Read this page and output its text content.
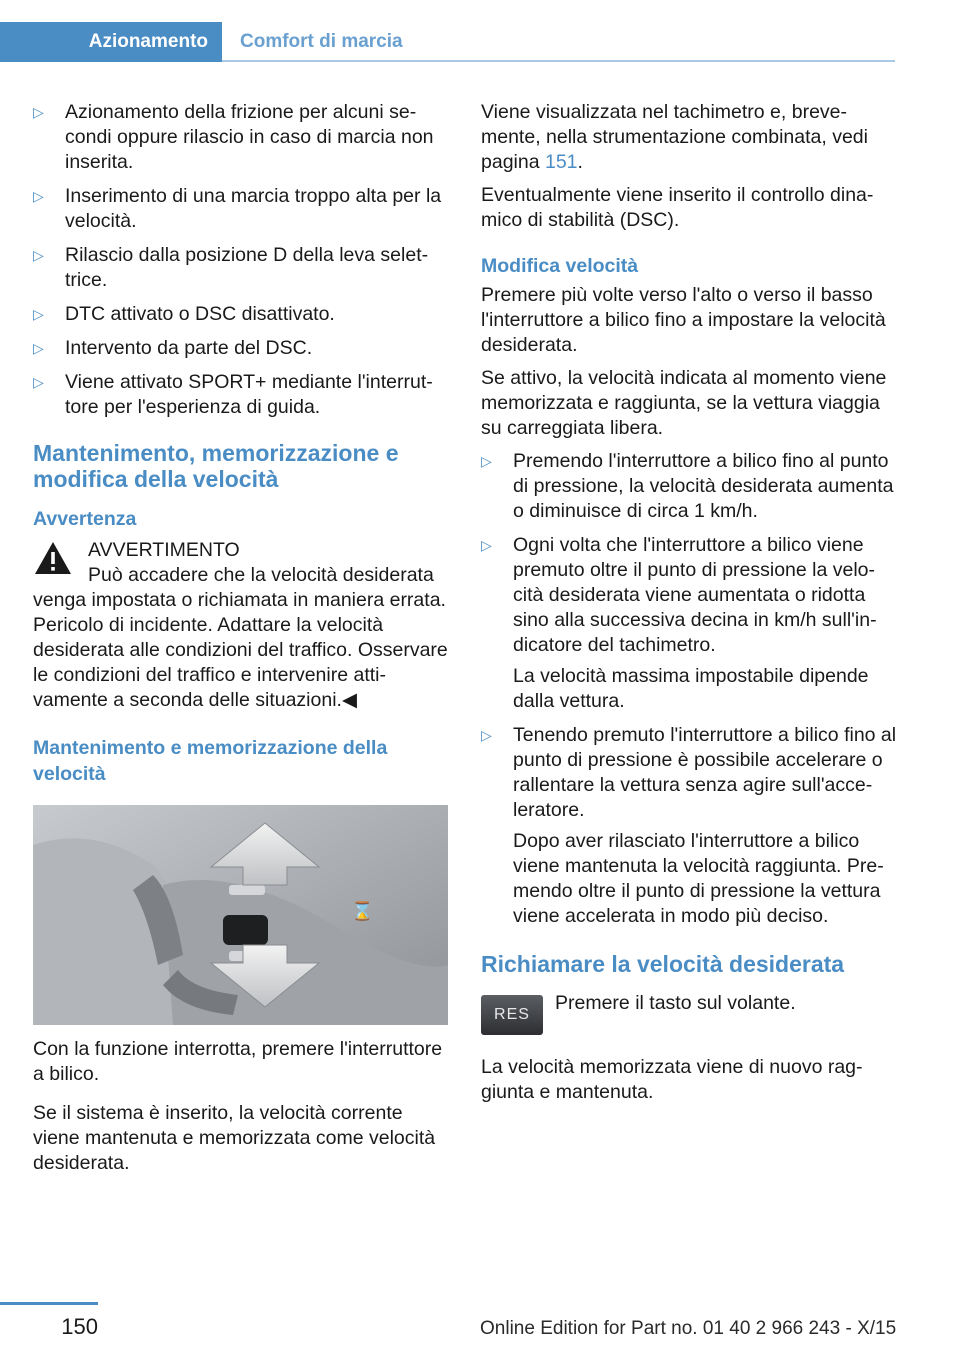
Azionamento	Comfort di marcia
▷ Azionamento della frizione per alcuni secondi oppure rilascio in caso di marcia non inserita.
▷ Inserimento di una marcia troppo alta per la velocità.
▷ Rilascio dalla posizione D della leva selettrice.
▷ DTC attivato o DSC disattivato.
▷ Intervento da parte del DSC.
▷ Viene attivato SPORT+ mediante l'interruttore per l'esperienza di guida.
Mantenimento, memorizzazione e modifica della velocità
Avvertenza
AVVERTIMENTO
Può accadere che la velocità desiderata venga impostata o richiamata in maniera errata. Pericolo di incidente. Adattare la velocità desiderata alle condizioni del traffico. Osservare le condizioni del traffico e intervenire attivamente a seconda delle situazioni.◀
Mantenimento e memorizzazione della velocità
⌛

Con la funzione interrotta, premere l'interruttore a bilico.

Se il sistema è inserito, la velocità corrente viene mantenuta e memorizzata come velocità desiderata.

Viene visualizzata nel tachimetro e, brevemente, nella strumentazione combinata, vedi pagina 151.

Eventualmente viene inserito il controllo dinamico di stabilità (DSC).

Modifica velocità

Premere più volte verso l'alto o verso il basso l'interruttore a bilico fino a impostare la velocità desiderata.

Se attivo, la velocità indicata al momento viene memorizzata e raggiunta, se la vettura viaggia su carreggiata libera.

▷ Premendo l'interruttore a bilico fino al punto di pressione, la velocità desiderata aumenta o diminuisce di circa 1 km/h.
▷ Ogni volta che l'interruttore a bilico viene premuto oltre il punto di pressione la velocità desiderata viene aumentata o ridotta sino alla successiva decina in km/h sull'indicatore del tachimetro.
La velocità massima impostabile dipende dalla vettura.
▷ Tenendo premuto l'interruttore a bilico fino al punto di pressione è possibile accelerare o rallentare la vettura senza agire sull'acceleratore.
Dopo aver rilasciato l'interruttore a bilico viene mantenuta la velocità raggiunta. Premendo oltre il punto di pressione la vettura viene accelerata in modo più deciso.
Richiamare la velocità desiderata
RES
Premere il tasto sul volante.

La velocità memorizzata viene di nuovo raggiunta e mantenuta.

150	Online Edition for Part no. 01 40 2 966 243 - X/15
